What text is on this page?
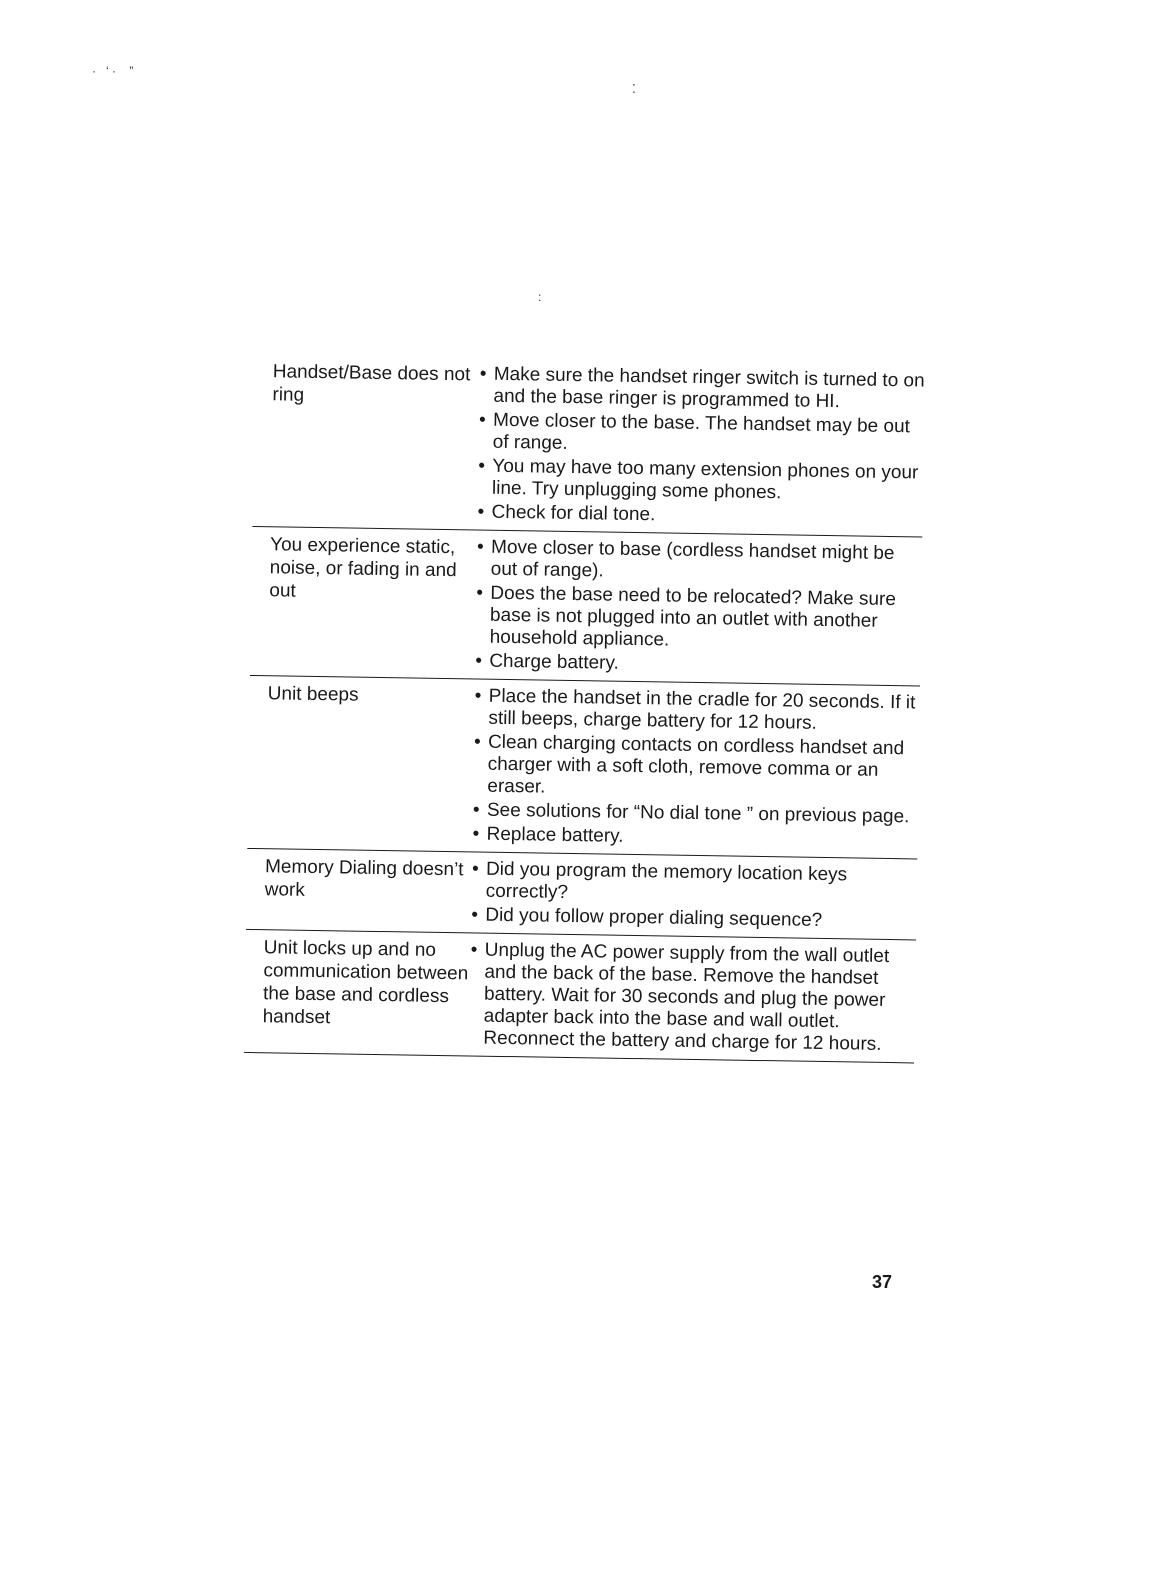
·   ‘ ·    ”
⁚
:
Handset/Base does not ring
• Make sure the handset ringer switch is turned to on and the base ringer is programmed to HI.
• Move closer to the base. The handset may be out of range.
• You may have too many extension phones on your line. Try unplugging some phones.
• Check for dial tone.
You experience static, noise, or fading in and out
• Move closer to base (cordless handset might be out of range).
• Does the base need to be relocated? Make sure base is not plugged into an outlet with another household appliance.
• Charge battery.
Unit beeps
•	Place the handset in the cradle for 20 seconds. If it still beeps, charge battery for 12 hours.
• Clean charging contacts on cordless handset and charger with a soft cloth, remove comma or an eraser.
• See solutions for “No dial tone ” on previous page.
• Replace battery.
Memory Dialing doesn’t work
• Did you program the memory location keys correctly?
• Did you follow proper dialing sequence?
Unit locks up and no communication between the base and cordless handset
• Unplug the AC power supply from the wall outlet and the back of the base. Remove the handset battery. Wait for 30 seconds and plug the power adapter back into the base and wall outlet. Reconnect the battery and charge for 12 hours.
37
